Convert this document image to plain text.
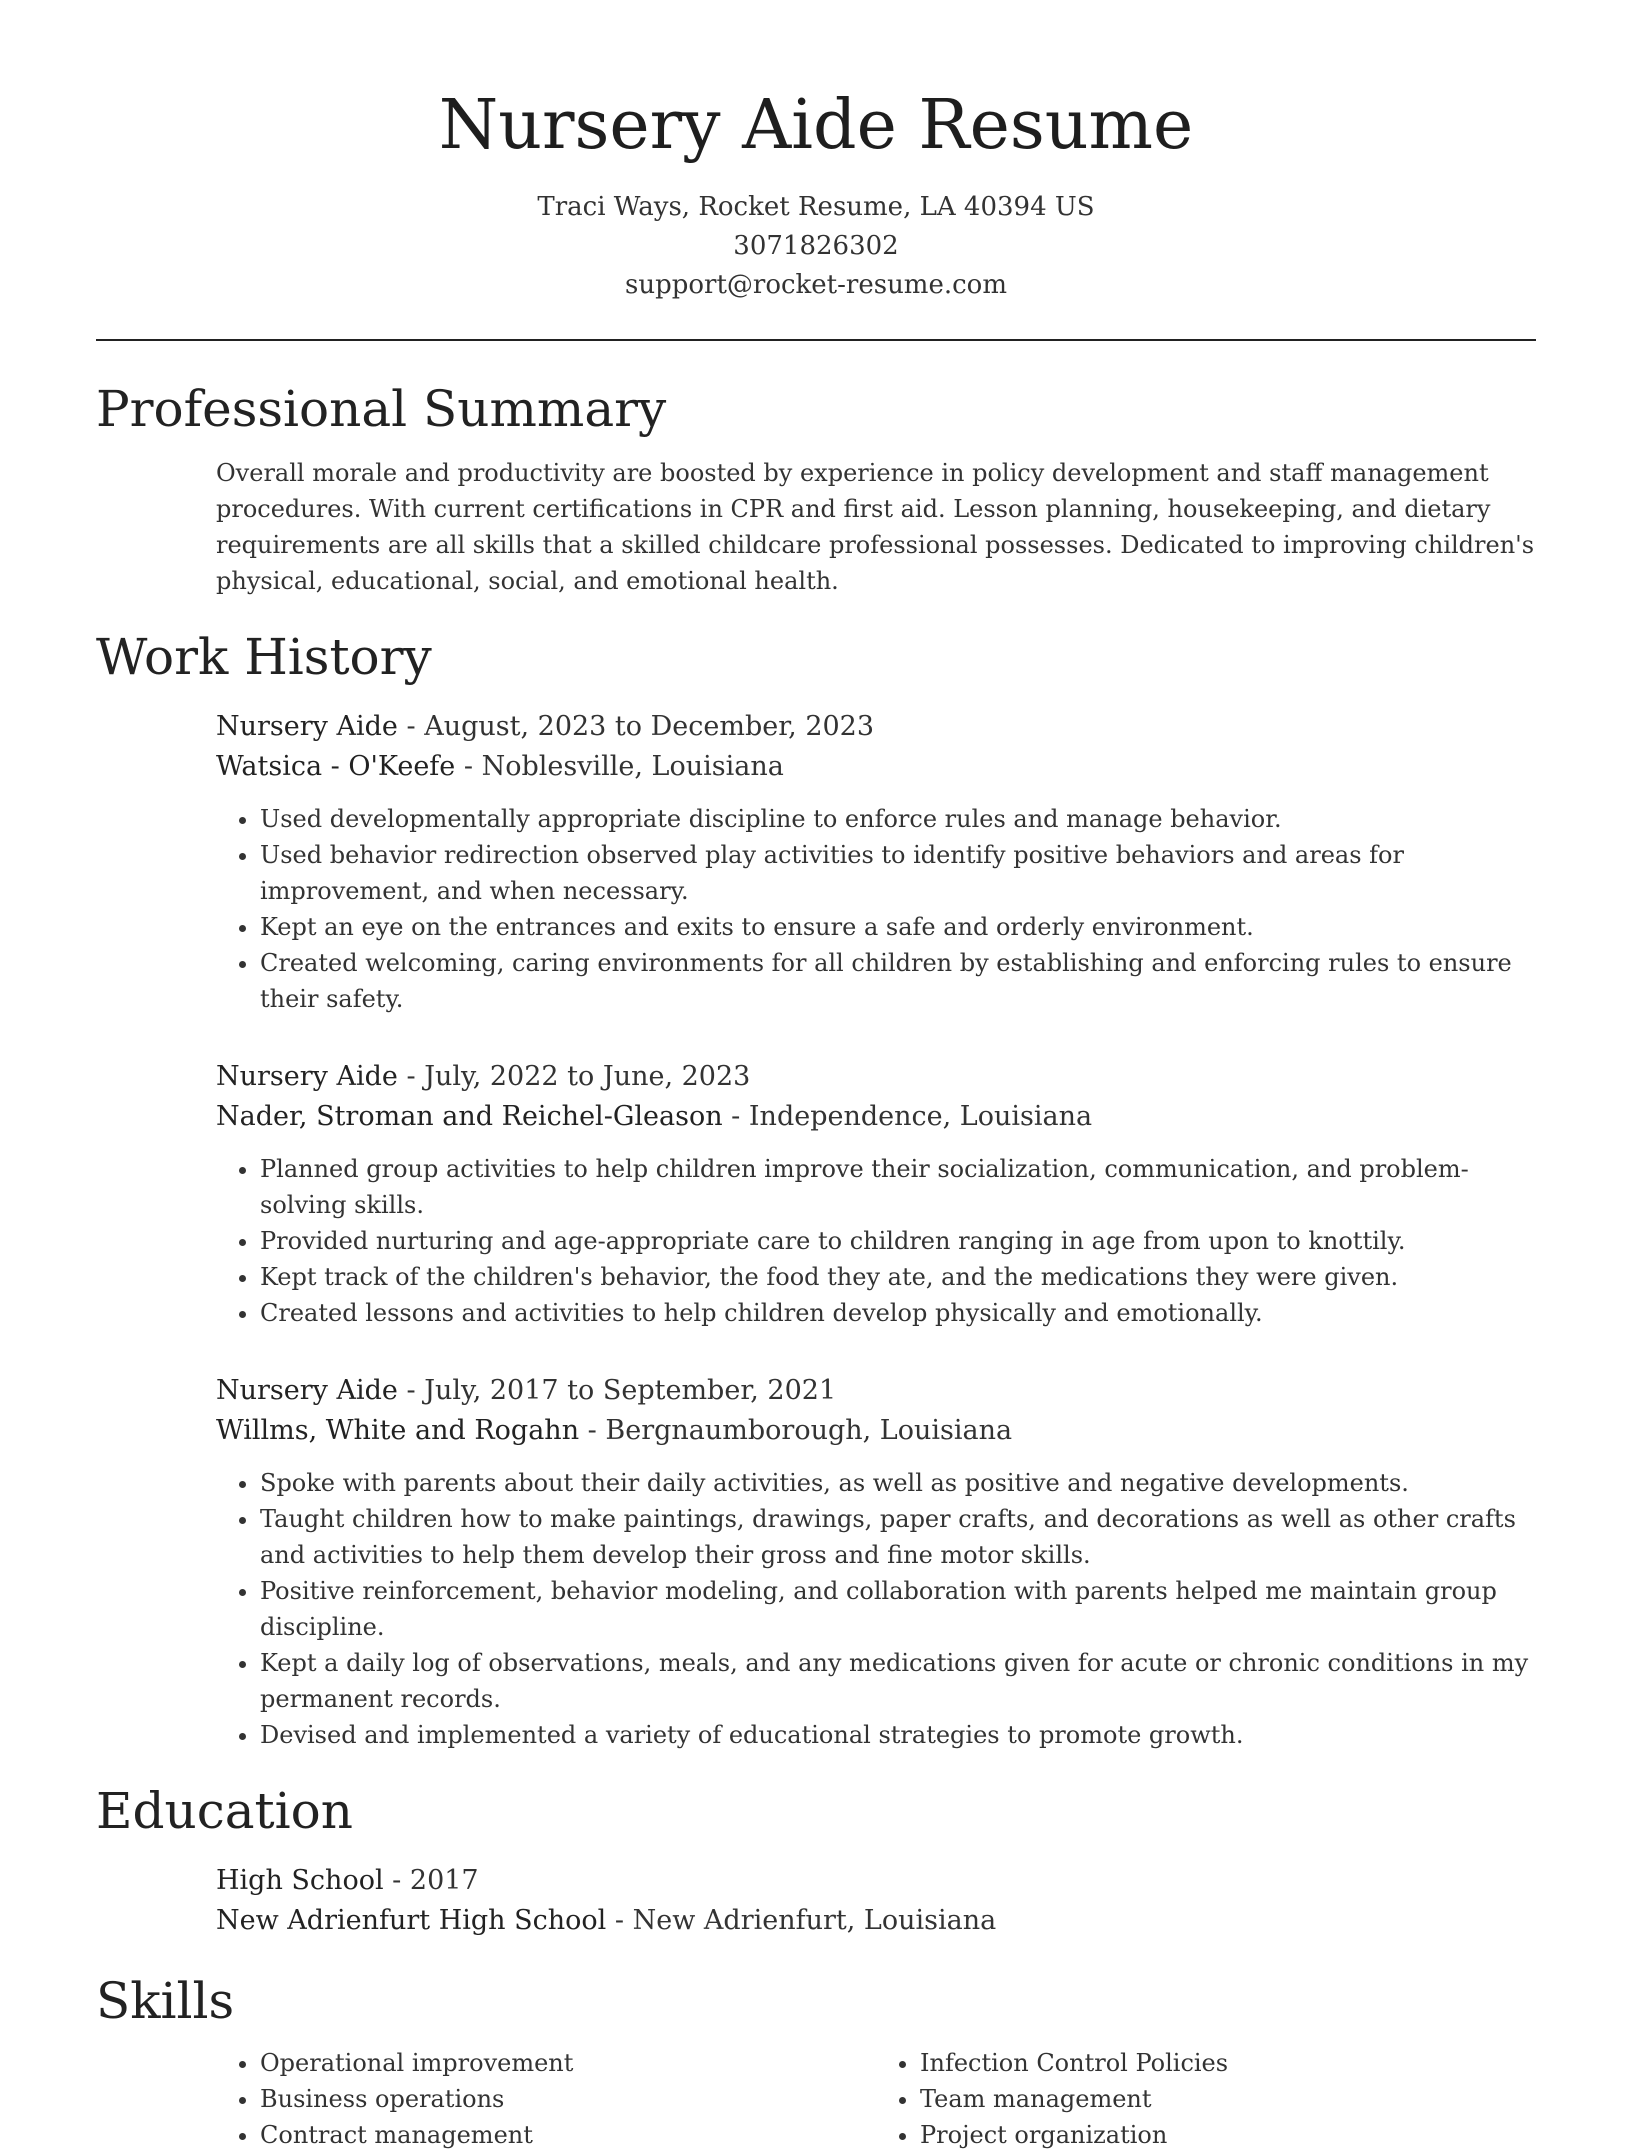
Nursery Aide Resume
Traci Ways, Rocket Resume, LA 40394 US
3071826302
support@rocket-resume.com
Professional Summary
Overall morale and productivity are boosted by experience in policy development and staff management procedures. With current certifications in CPR and first aid. Lesson planning, housekeeping, and dietary requirements are all skills that a skilled childcare professional possesses. Dedicated to improving children's physical, educational, social, and emotional health.
Work History
Nursery Aide - August, 2023 to December, 2023
Watsica - O'Keefe - Noblesville, Louisiana
• Used developmentally appropriate discipline to enforce rules and manage behavior.
• Used behavior redirection observed play activities to identify positive behaviors and areas for improvement, and when necessary.
• Kept an eye on the entrances and exits to ensure a safe and orderly environment.
• Created welcoming, caring environments for all children by establishing and enforcing rules to ensure their safety.
Nursery Aide - July, 2022 to June, 2023
Nader, Stroman and Reichel-Gleason - Independence, Louisiana
• Planned group activities to help children improve their socialization, communication, and problem-solving skills.
• Provided nurturing and age-appropriate care to children ranging in age from upon to knottily.
• Kept track of the children's behavior, the food they ate, and the medications they were given.
• Created lessons and activities to help children develop physically and emotionally.
Nursery Aide - July, 2017 to September, 2021
Willms, White and Rogahn - Bergnaumborough, Louisiana
• Spoke with parents about their daily activities, as well as positive and negative developments.
• Taught children how to make paintings, drawings, paper crafts, and decorations as well as other crafts and activities to help them develop their gross and fine motor skills.
• Positive reinforcement, behavior modeling, and collaboration with parents helped me maintain group discipline.
• Kept a daily log of observations, meals, and any medications given for acute or chronic conditions in my permanent records.
• Devised and implemented a variety of educational strategies to promote growth.
Education
High School - 2017
New Adrienfurt High School - New Adrienfurt, Louisiana
Skills
• Operational improvement
• Business operations
• Contract management
• Infection Control Policies
• Team management
• Project organization
